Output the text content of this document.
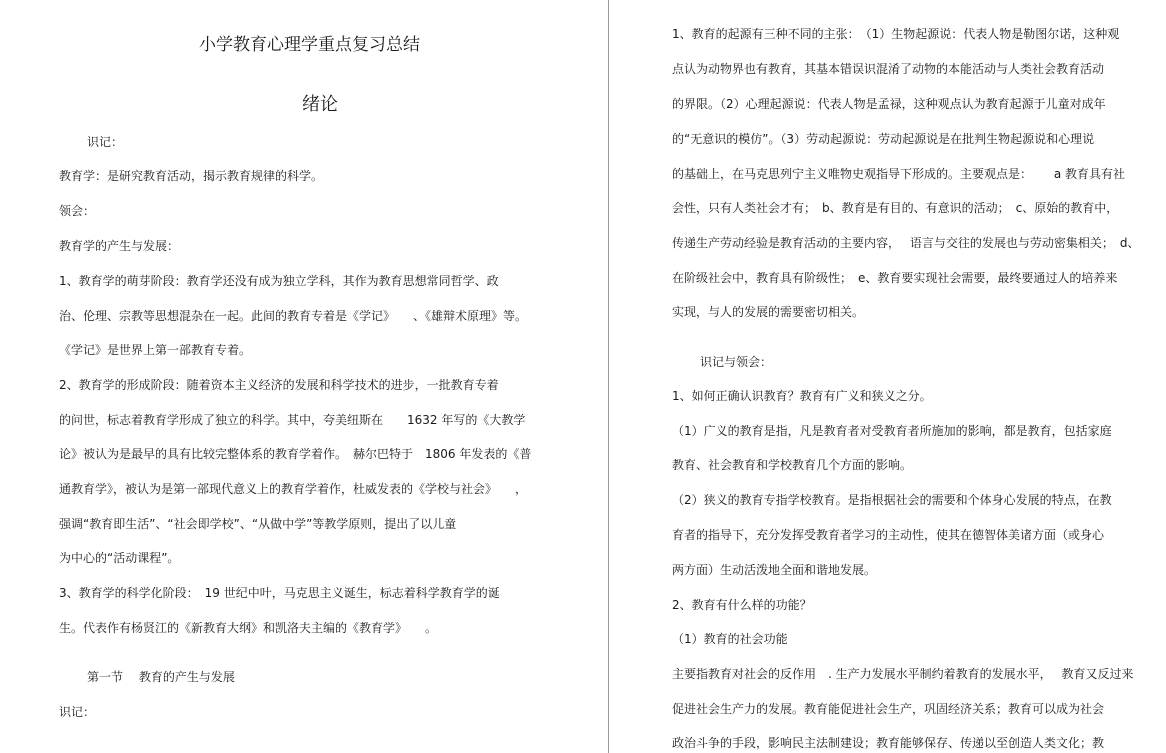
小学教育心理学重点复习总结
绪论
识记：
教育学：是研究教育活动，揭示教育规律的科学。
领会：
教育学的产生与发展：
1、教育学的萌芽阶段：教育学还没有成为独立学科，其作为教育思想常同哲学、政
治、伦理、宗教等思想混杂在一起。此间的教育专着是《学记》　　、《雄辩术原理》等。
《学记》是世界上第一部教育专着。
2、教育学的形成阶段：随着资本主义经济的发展和科学技术的进步，一批教育专着
的问世，标志着教育学形成了独立的科学。其中，夸美纽斯在　　1632 年写的《大教学
论》被认为是最早的具有比较完整体系的教育学着作。　赫尔巴特于　1806 年发表的《普
通教育学》，被认为是第一部现代意义上的教育学着作，杜威发表的《学校与社会》　　，
强调“教育即生活”、“社会即学校”、“从做中学”等教学原则，提出了以儿童
为中心的“活动课程”。
3、教育学的科学化阶段：　19 世纪中叶，马克思主义诞生，标志着科学教育学的诞
生。代表作有杨贤江的《新教育大纲》和凯洛夫主编的《教育学》　　。
第一节　 教育的产生与发展
识记：
1、教育的起源有三种不同的主张：　（1）生物起源说：代表人物是勒图尔诺，这种观
点认为动物界也有教育，其基本错误识混淆了动物的本能活动与人类社会教育活动
的界限。（2）心理起源说：代表人物是孟禄，这种观点认为教育起源于儿童对成年
的“无意识的模仿”。（3）劳动起源说：劳动起源说是在批判生物起源说和心理说
的基础上，在马克思列宁主义唯物史观指导下形成的。主要观点是：　　 a 教育具有社
会性，只有人类社会才有；　b、教育是有目的、有意识的活动；　c、原始的教育中，
传递生产劳动经验是教育活动的主要内容，　 语言与交往的发展也与劳动密集相关；　d、
在阶级社会中，教育具有阶级性；　e、教育要实现社会需要，最终要通过人的培养来
实现，与人的发展的需要密切相关。
识记与领会：
1、如何正确认识教育？教育有广义和狭义之分。
（1）广义的教育是指，凡是教育者对受教育者所施加的影响，都是教育，包括家庭
教育、社会教育和学校教育几个方面的影响。
（2）狭义的教育专指学校教育。是指根据社会的需要和个体身心发展的特点，在教
育者的指导下，充分发挥受教育者学习的主动性，使其在德智体美诸方面（或身心
两方面）生动活泼地全面和谐地发展。
2、教育有什么样的功能？
（1）教育的社会功能
主要指教育对社会的反作用　. 生产力发展水平制约着教育的发展水平，　 教育又反过来
促进社会生产力的发展。教育能促进社会生产，巩固经济关系；教育可以成为社会
政治斗争的手段，影响民主法制建设；教育能够保存、传递以至创造人类文化；教
